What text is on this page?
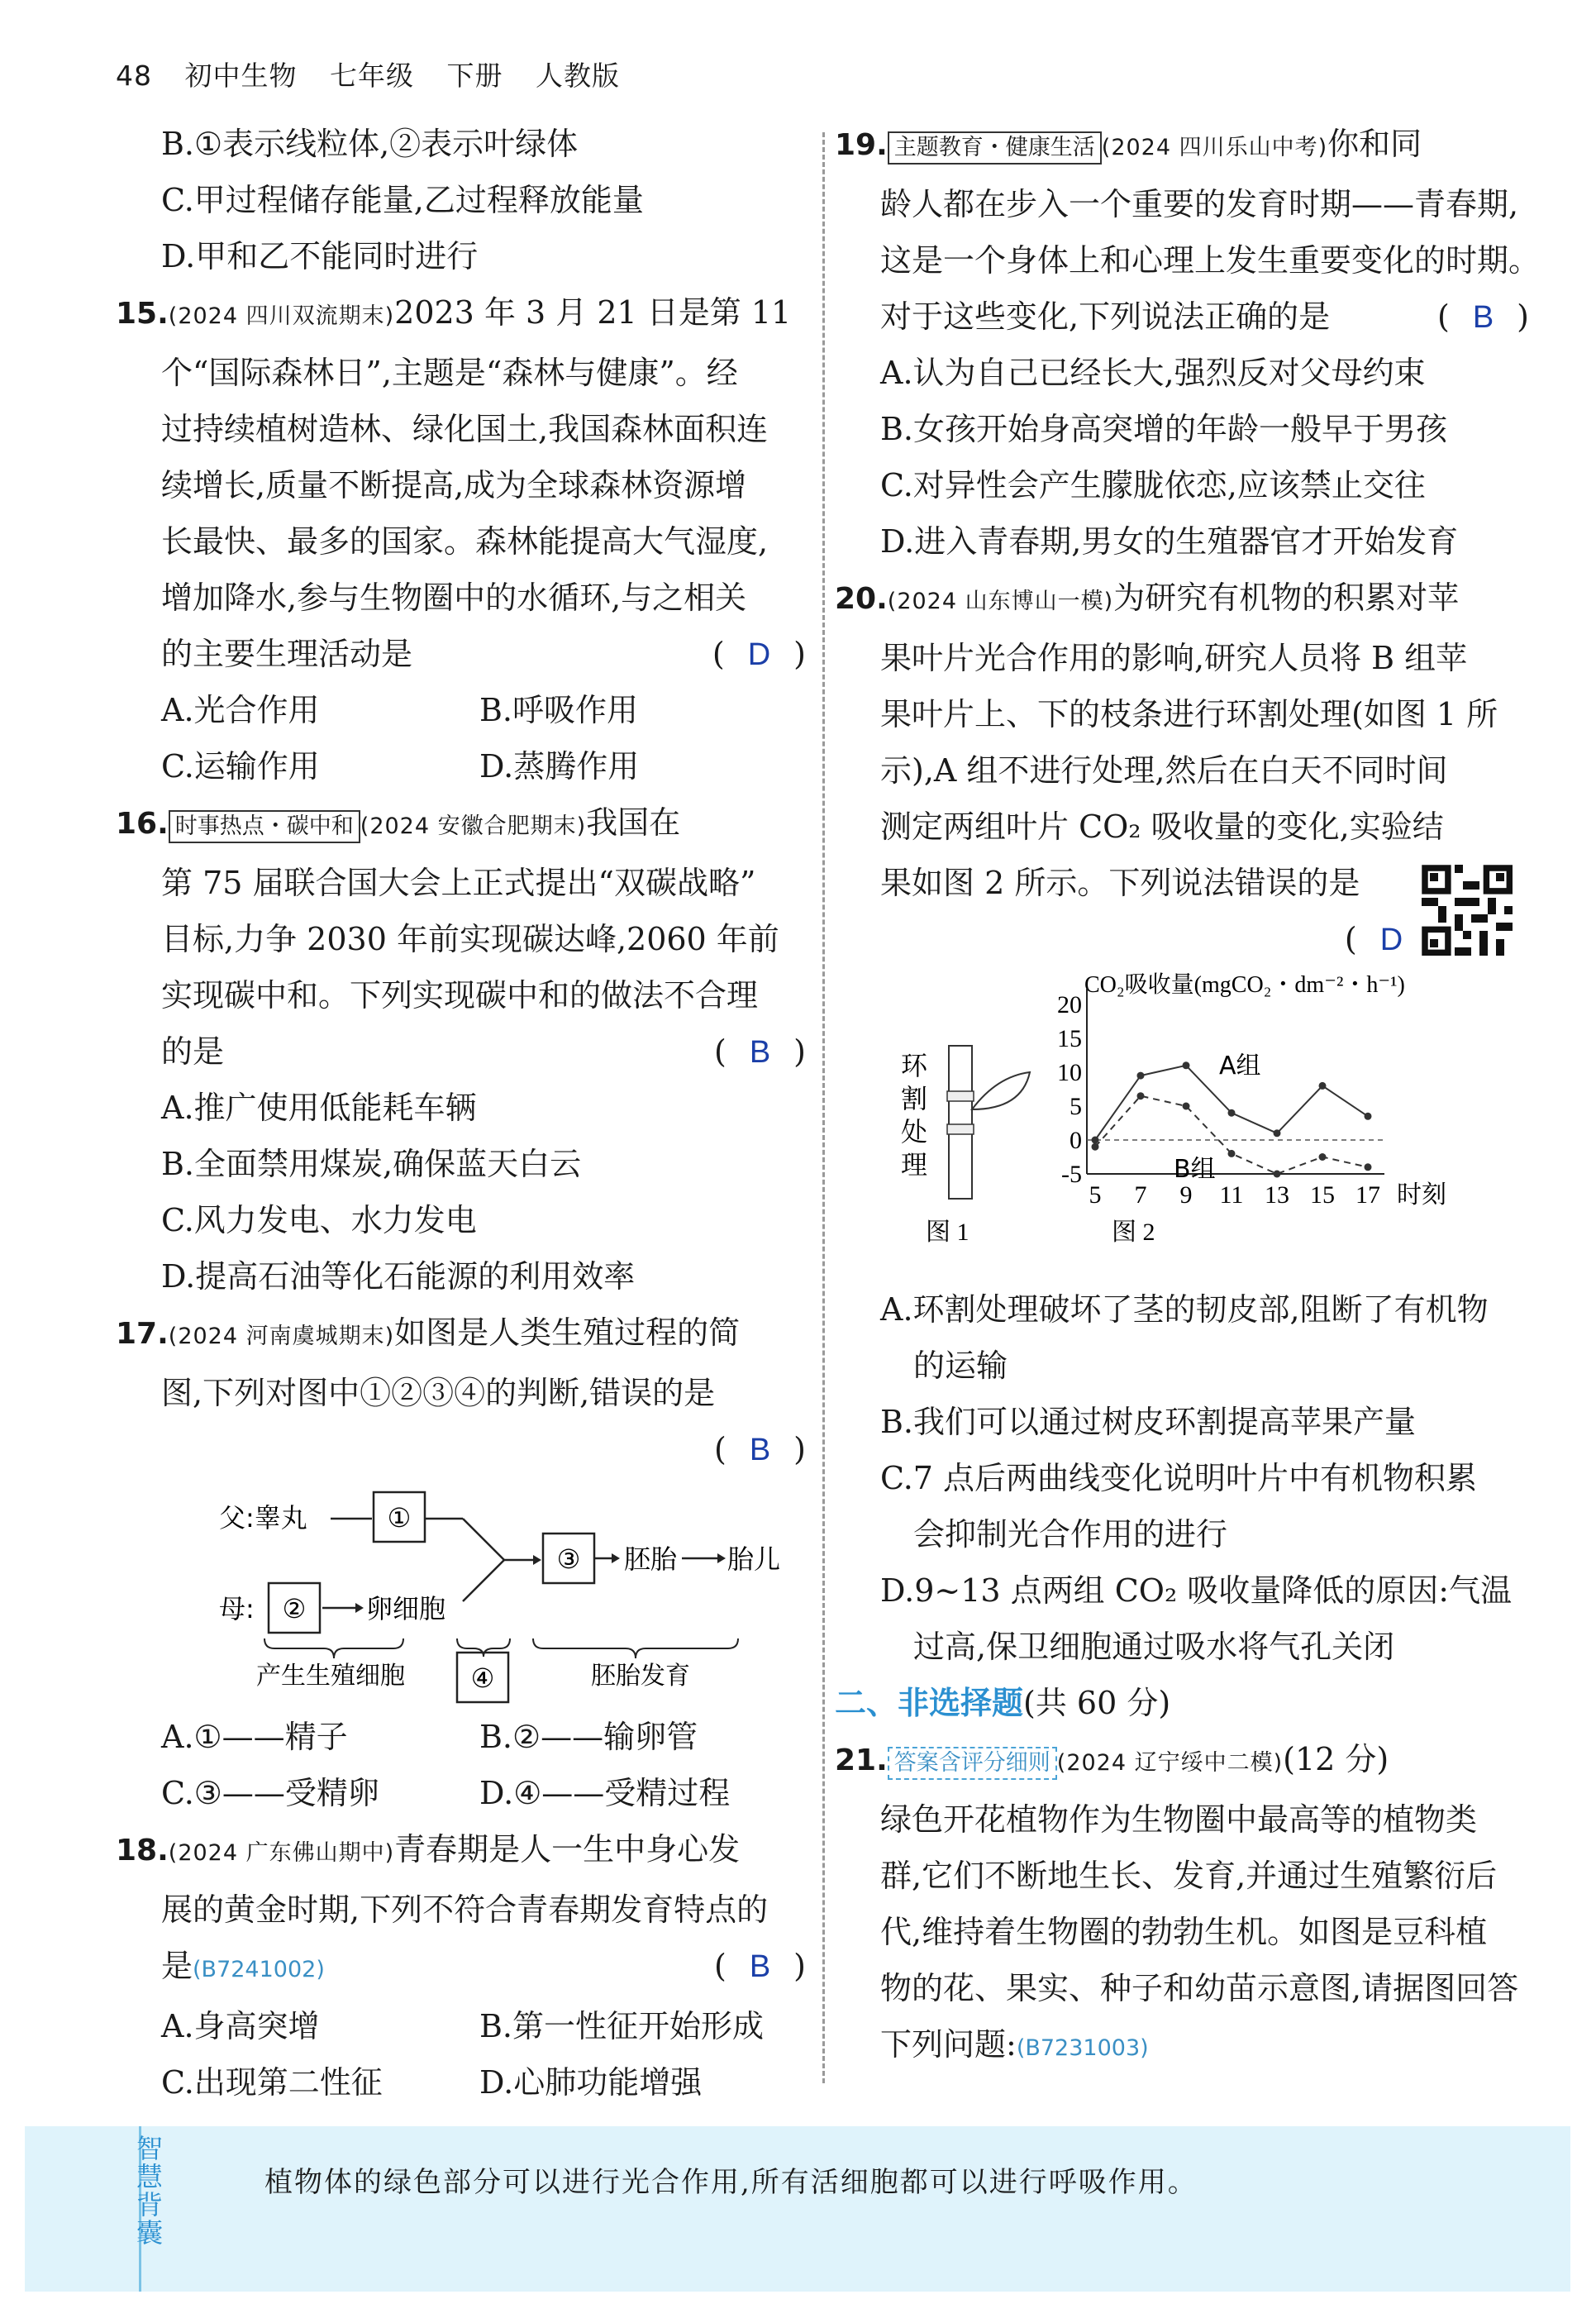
48 初中生物 七年级 下册 人教版
B.①表示线粒体,②表示叶绿体
C.甲过程储存能量,乙过程释放能量
D.甲和乙不能同时进行
15.(2024 四川双流期末)2023 年 3 月 21 日是第 11
个“国际森林日”,主题是“森林与健康”。经
过持续植树造林、绿化国土,我国森林面积连
续增长,质量不断提高,成为全球森林资源增
长最快、最多的国家。森林能提高大气湿度,
增加降水,参与生物圈中的水循环,与之相关
的主要生理活动是	( D )
A.光合作用	B.呼吸作用
C.运输作用	D.蒸腾作用
16. 时事热点・碳中和 (2024 安徽合肥期末)我国在
第 75 届联合国大会上正式提出“双碳战略”
目标,力争 2030 年前实现碳达峰,2060 年前
实现碳中和。下列实现碳中和的做法不合理
的是	( B )
A.推广使用低能耗车辆
B.全面禁用煤炭,确保蓝天白云
C.风力发电、水力发电
D.提高石油等化石能源的利用效率
17.(2024 河南虞城期末)如图是人类生殖过程的简
图,下列对图中①②③④的判断,错误的是
( B )

父:睾丸	①
③ 胚胎 胎儿
母: ② 卵细胞
④
产生生殖细胞	胚胎发育
A.①——精子	B.②——输卵管
C.③——受精卵	D.④——受精过程
18.(2024 广东佛山期中)青春期是人一生中身心发
展的黄金时期,下列不符合青春期发育特点的
是(B7241002)	( B )
A.身高突增	B.第一性征开始形成
C.出现第二性征	D.心肺功能增强
19. 主题教育・健康生活 (2024 四川乐山中考)你和同
龄人都在步入一个重要的发育时期——青春期,
这是一个身体上和心理上发生重要变化的时期。
对于这些变化,下列说法正确的是	( B )
A.认为自己已经长大,强烈反对父母约束
B.女孩开始身高突增的年龄一般早于男孩
C.对异性会产生朦胧依恋,应该禁止交往
D.进入青春期,男女的生殖器官才开始发育
20.(2024 山东博山一模)为研究有机物的积累对苹
果叶片光合作用的影响,研究人员将 B 组苹
果叶片上、下的枝条进行环割处理(如图 1 所
示),A 组不进行处理,然后在白天不同时间
测定两组叶片 CO₂ 吸收量的变化,实验结
果如图 2 所示。下列说法错误的是
( D

环
割
处
理
图 1	图 2
CO₂吸收量(mgCO₂・dm⁻²・h⁻¹)
时刻
-5
0
5
10
15
20
5 7 9 11 13 15 17
A组
B组
A.环割处理破坏了茎的韧皮部,阻断了有机物
的运输
B.我们可以通过树皮环割提高苹果产量
C.7 点后两曲线变化说明叶片中有机物积累
会抑制光合作用的进行
D.9~13 点两组 CO₂ 吸收量降低的原因:气温
过高,保卫细胞通过吸水将气孔关闭
二、非选择题(共 60 分)
21. 答案含评分细则 (2024 辽宁绥中二模)(12 分)
绿色开花植物作为生物圈中最高等的植物类
群,它们不断地生长、发育,并通过生殖繁衍后
代,维持着生物圈的勃勃生机。如图是豆科植
物的花、果实、种子和幼苗示意图,请据图回答
下列问题:(B7231003)
智慧背囊
植物体的绿色部分可以进行光合作用,所有活细胞都可以进行呼吸作用。
